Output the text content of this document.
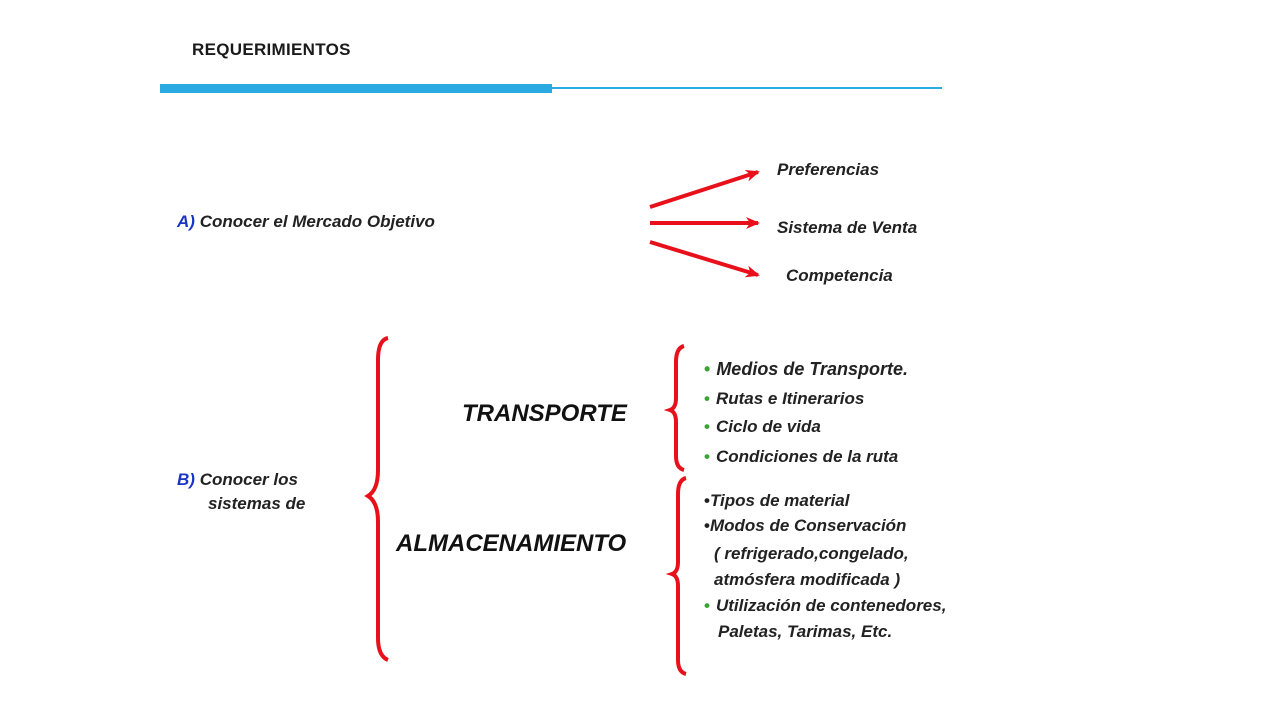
REQUERIMIENTOS
A) Conocer el Mercado Objetivo
Preferencias
Sistema de Venta
Competencia
B) Conocer los
sistemas de
TRANSPORTE
ALMACENAMIENTO
• Medios de Transporte.
• Rutas e Itinerarios
• Ciclo de vida
• Condiciones de la ruta
•Tipos de material
•Modos de Conservación
( refrigerado,congelado,
atmósfera modificada )
• Utilización de contenedores,
Paletas, Tarimas, Etc.
